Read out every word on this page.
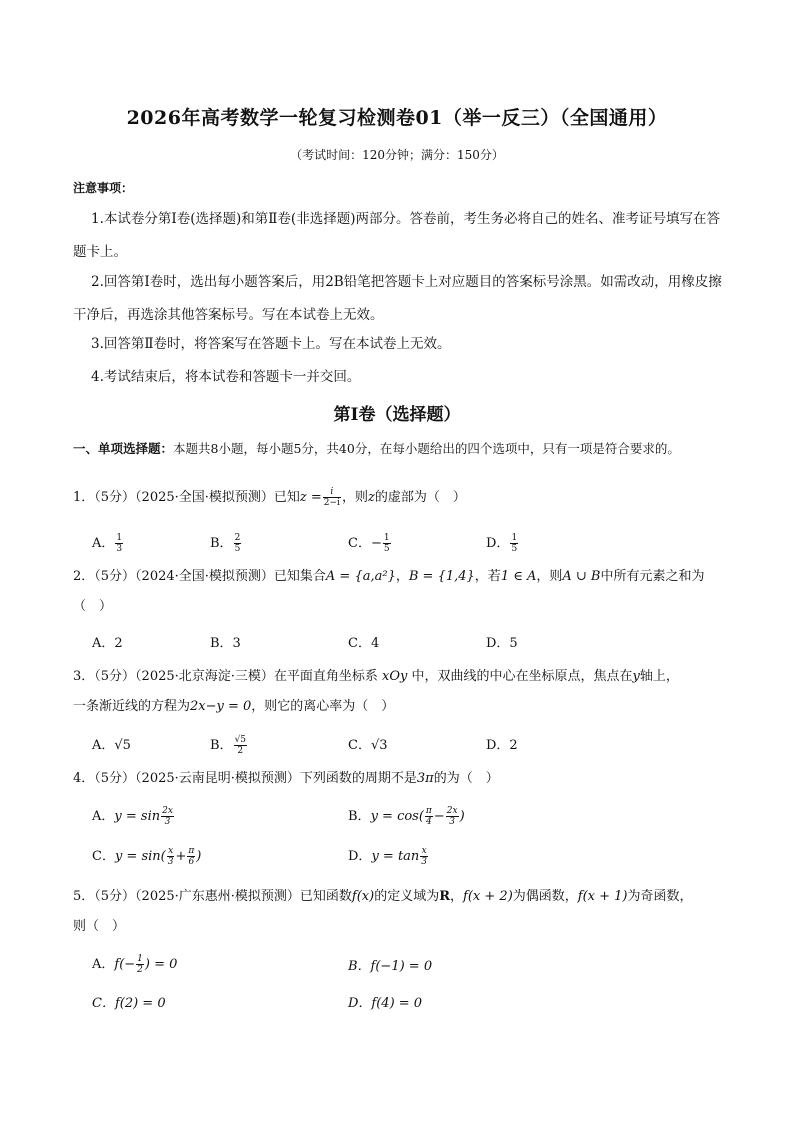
2026年高考数学一轮复习检测卷01（举一反三）（全国通用）
（考试时间：120分钟；满分：150分）
注意事项：
1.本试卷分第Ⅰ卷(选择题)和第Ⅱ卷(非选择题)两部分。答卷前，考生务必将自己的姓名、准考证号填写在答题卡上。
2.回答第Ⅰ卷时，选出每小题答案后，用2B铅笔把答题卡上对应题目的答案标号涂黑。如需改动，用橡皮擦干净后，再选涂其他答案标号。写在本试卷上无效。
3.回答第Ⅱ卷时，将答案写在答题卡上。写在本试卷上无效。
4.考试结束后，将本试卷和答题卡一并交回。
第Ⅰ卷（选择题）
一、单项选择题：本题共8小题，每小题5分，共40分，在每小题给出的四个选项中，只有一项是符合要求的。
1．（5分）（2025·全国·模拟预测）已知$z = \frac{i}{2-i}$ ，则z的虚部为（　）
A． $\frac{1}{3}$	B． $\frac{2}{5}$	C．− $\frac{1}{5}$	D． $\frac{1}{5}$
2．（5分）（2024·全国·模拟预测）已知集合A = {a,a²}，B = {1,4}，若1 ∈ A，则A ∪ B中所有元素之和为
（　）
A．2	B．3	C．4	D．5
3．（5分）（2025·北京海淀·三模）在平面直角坐标系 xOy 中，双曲线的中心在坐标原点，焦点在y轴上，
一条渐近线的方程为2x−y = 0，则它的离心率为（　）
A．√5	B． $\frac{√5}{2}$	C．√3	D．2
4．（5分）（2025·云南昆明·模拟预测）下列函数的周期不是3π的为（　）
A．$y = \sin \frac{2x}{3}$	B．$y = \cos( \frac{\pi}{4} - \frac{2x}{3}$ )
C．$y = \sin( \frac{x}{3} + \frac{\pi}{6}$ )	D．$y = \tan \frac{x}{3}$
5．（5分）（2025·广东惠州·模拟预测）已知函数f(x)的定义域为R，f(x + 2)为偶函数，f(x + 1)为奇函数，
则（　）
A．$f(- \frac{1}{2}$ ) = 0	B．f(−1) = 0
C．f(2) = 0	D．f(4) = 0
